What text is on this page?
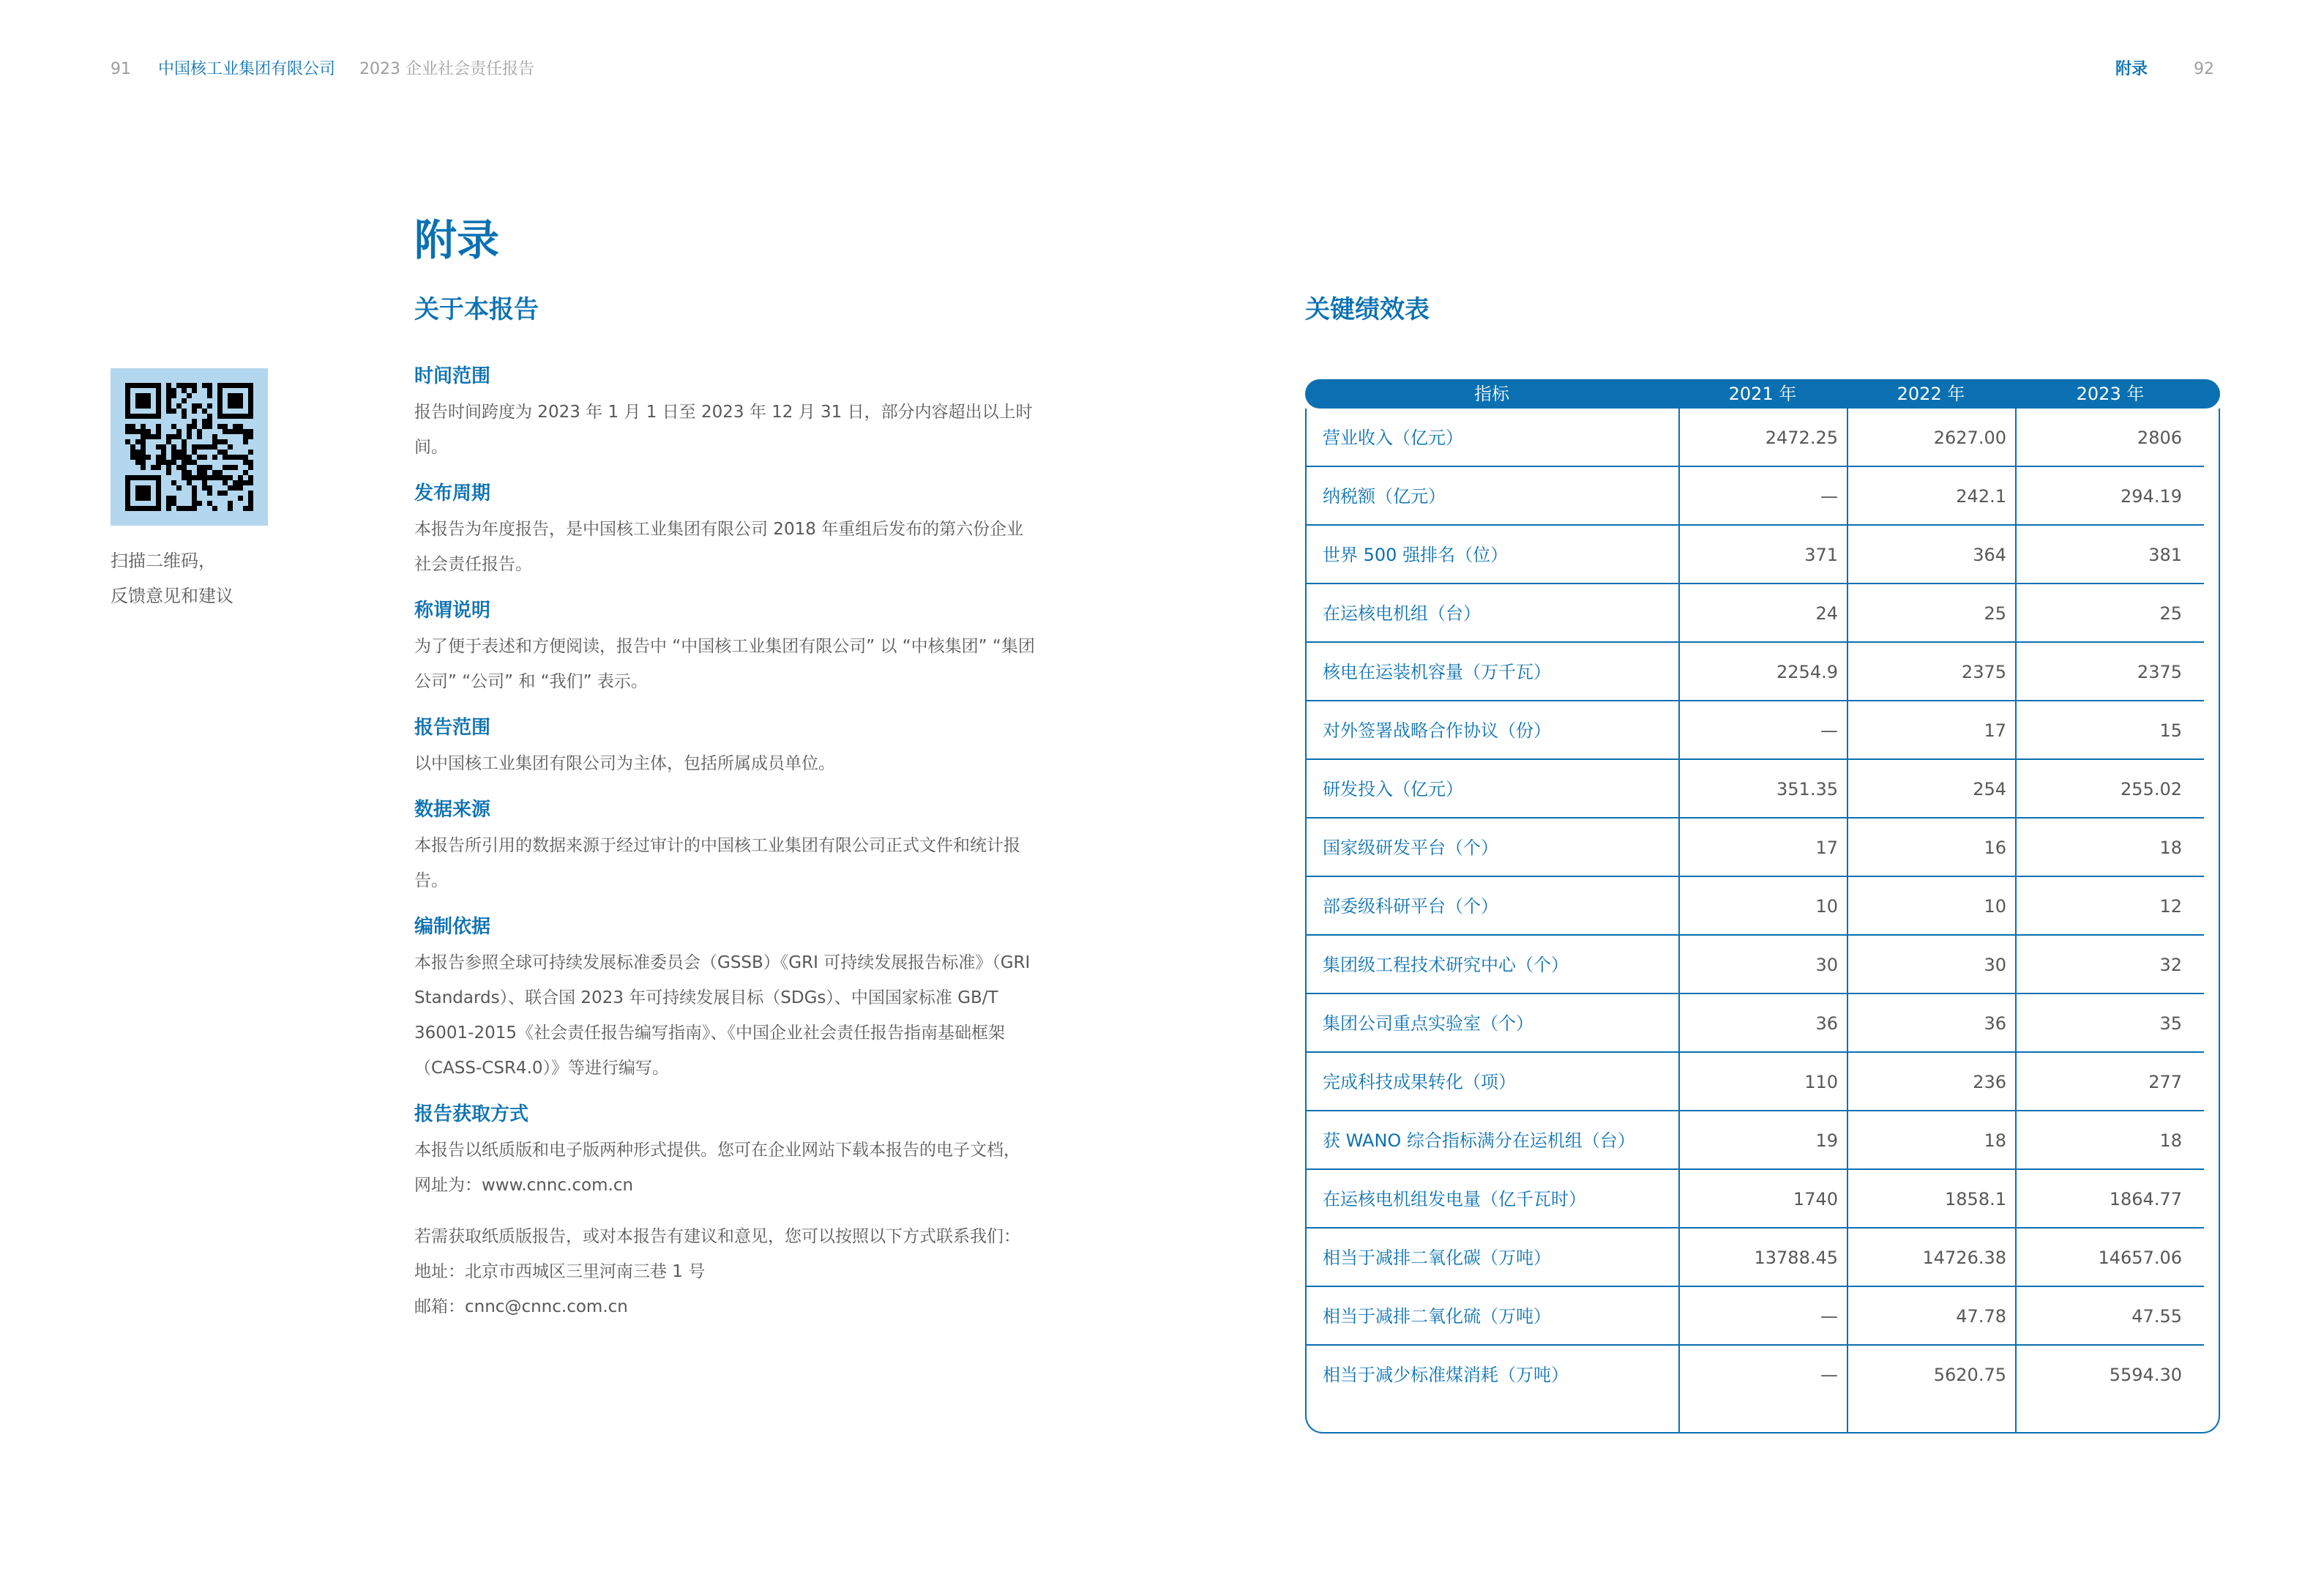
91 中国核工业集团有限公司 2023 企业社会责任报告	附录	92
附录
关于本报告	关键绩效表
扫描二维码，
反馈意见和建议

时间范围

报告时间跨度为 2023 年 1 月 1 日至 2023 年 12 月 31 日，部分内容超出以上时间。

发布周期

本报告为年度报告，是中国核工业集团有限公司 2018 年重组后发布的第六份企业社会责任报告。

称谓说明

为了便于表述和方便阅读，报告中 “中国核工业集团有限公司” 以 “中核集团” “集团公司” “公司” 和 “我们” 表示。

报告范围

以中国核工业集团有限公司为主体，包括所属成员单位。

数据来源

本报告所引用的数据来源于经过审计的中国核工业集团有限公司正式文件和统计报告。

编制依据

本报告参照全球可持续发展标准委员会（GSSB）《GRI 可持续发展报告标准》（GRI Standards）、联合国 2023 年可持续发展目标（SDGs）、中国国家标准 GB/T 36001-2015《社会责任报告编写指南》、《中国企业社会责任报告指南基础框架（CASS-CSR4.0）》等进行编写。

报告获取方式

本报告以纸质版和电子版两种形式提供。您可在企业网站下载本报告的电子文档，网址为：www.cnnc.com.cn

若需获取纸质版报告，或对本报告有建议和意见，您可以按照以下方式联系我们：

地址：北京市西城区三里河南三巷 1 号

邮箱：cnnc@cnnc.com.cn

指标	2021 年	2022 年	2023 年
营业收入（亿元）	2472.25	2627.00	2806
纳税额（亿元）	—	242.1	294.19
世界 500 强排名（位）	371	364	381
在运核电机组（台）	24	25	25
核电在运装机容量（万千瓦）	2254.9	2375	2375
对外签署战略合作协议（份）	—	17	15
研发投入（亿元）	351.35	254	255.02
国家级研发平台（个）	17	16	18
部委级科研平台（个）	10	10	12
集团级工程技术研究中心（个）	30	30	32
集团公司重点实验室（个）	36	36	35
完成科技成果转化（项）	110	236	277
获 WANO 综合指标满分在运机组（台）	19	18	18
在运核电机组发电量（亿千瓦时）	1740	1858.1	1864.77
相当于减排二氧化碳（万吨）	13788.45	14726.38	14657.06
相当于减排二氧化硫（万吨）	—	47.78	47.55
相当于减少标准煤消耗（万吨）	—	5620.75	5594.30
